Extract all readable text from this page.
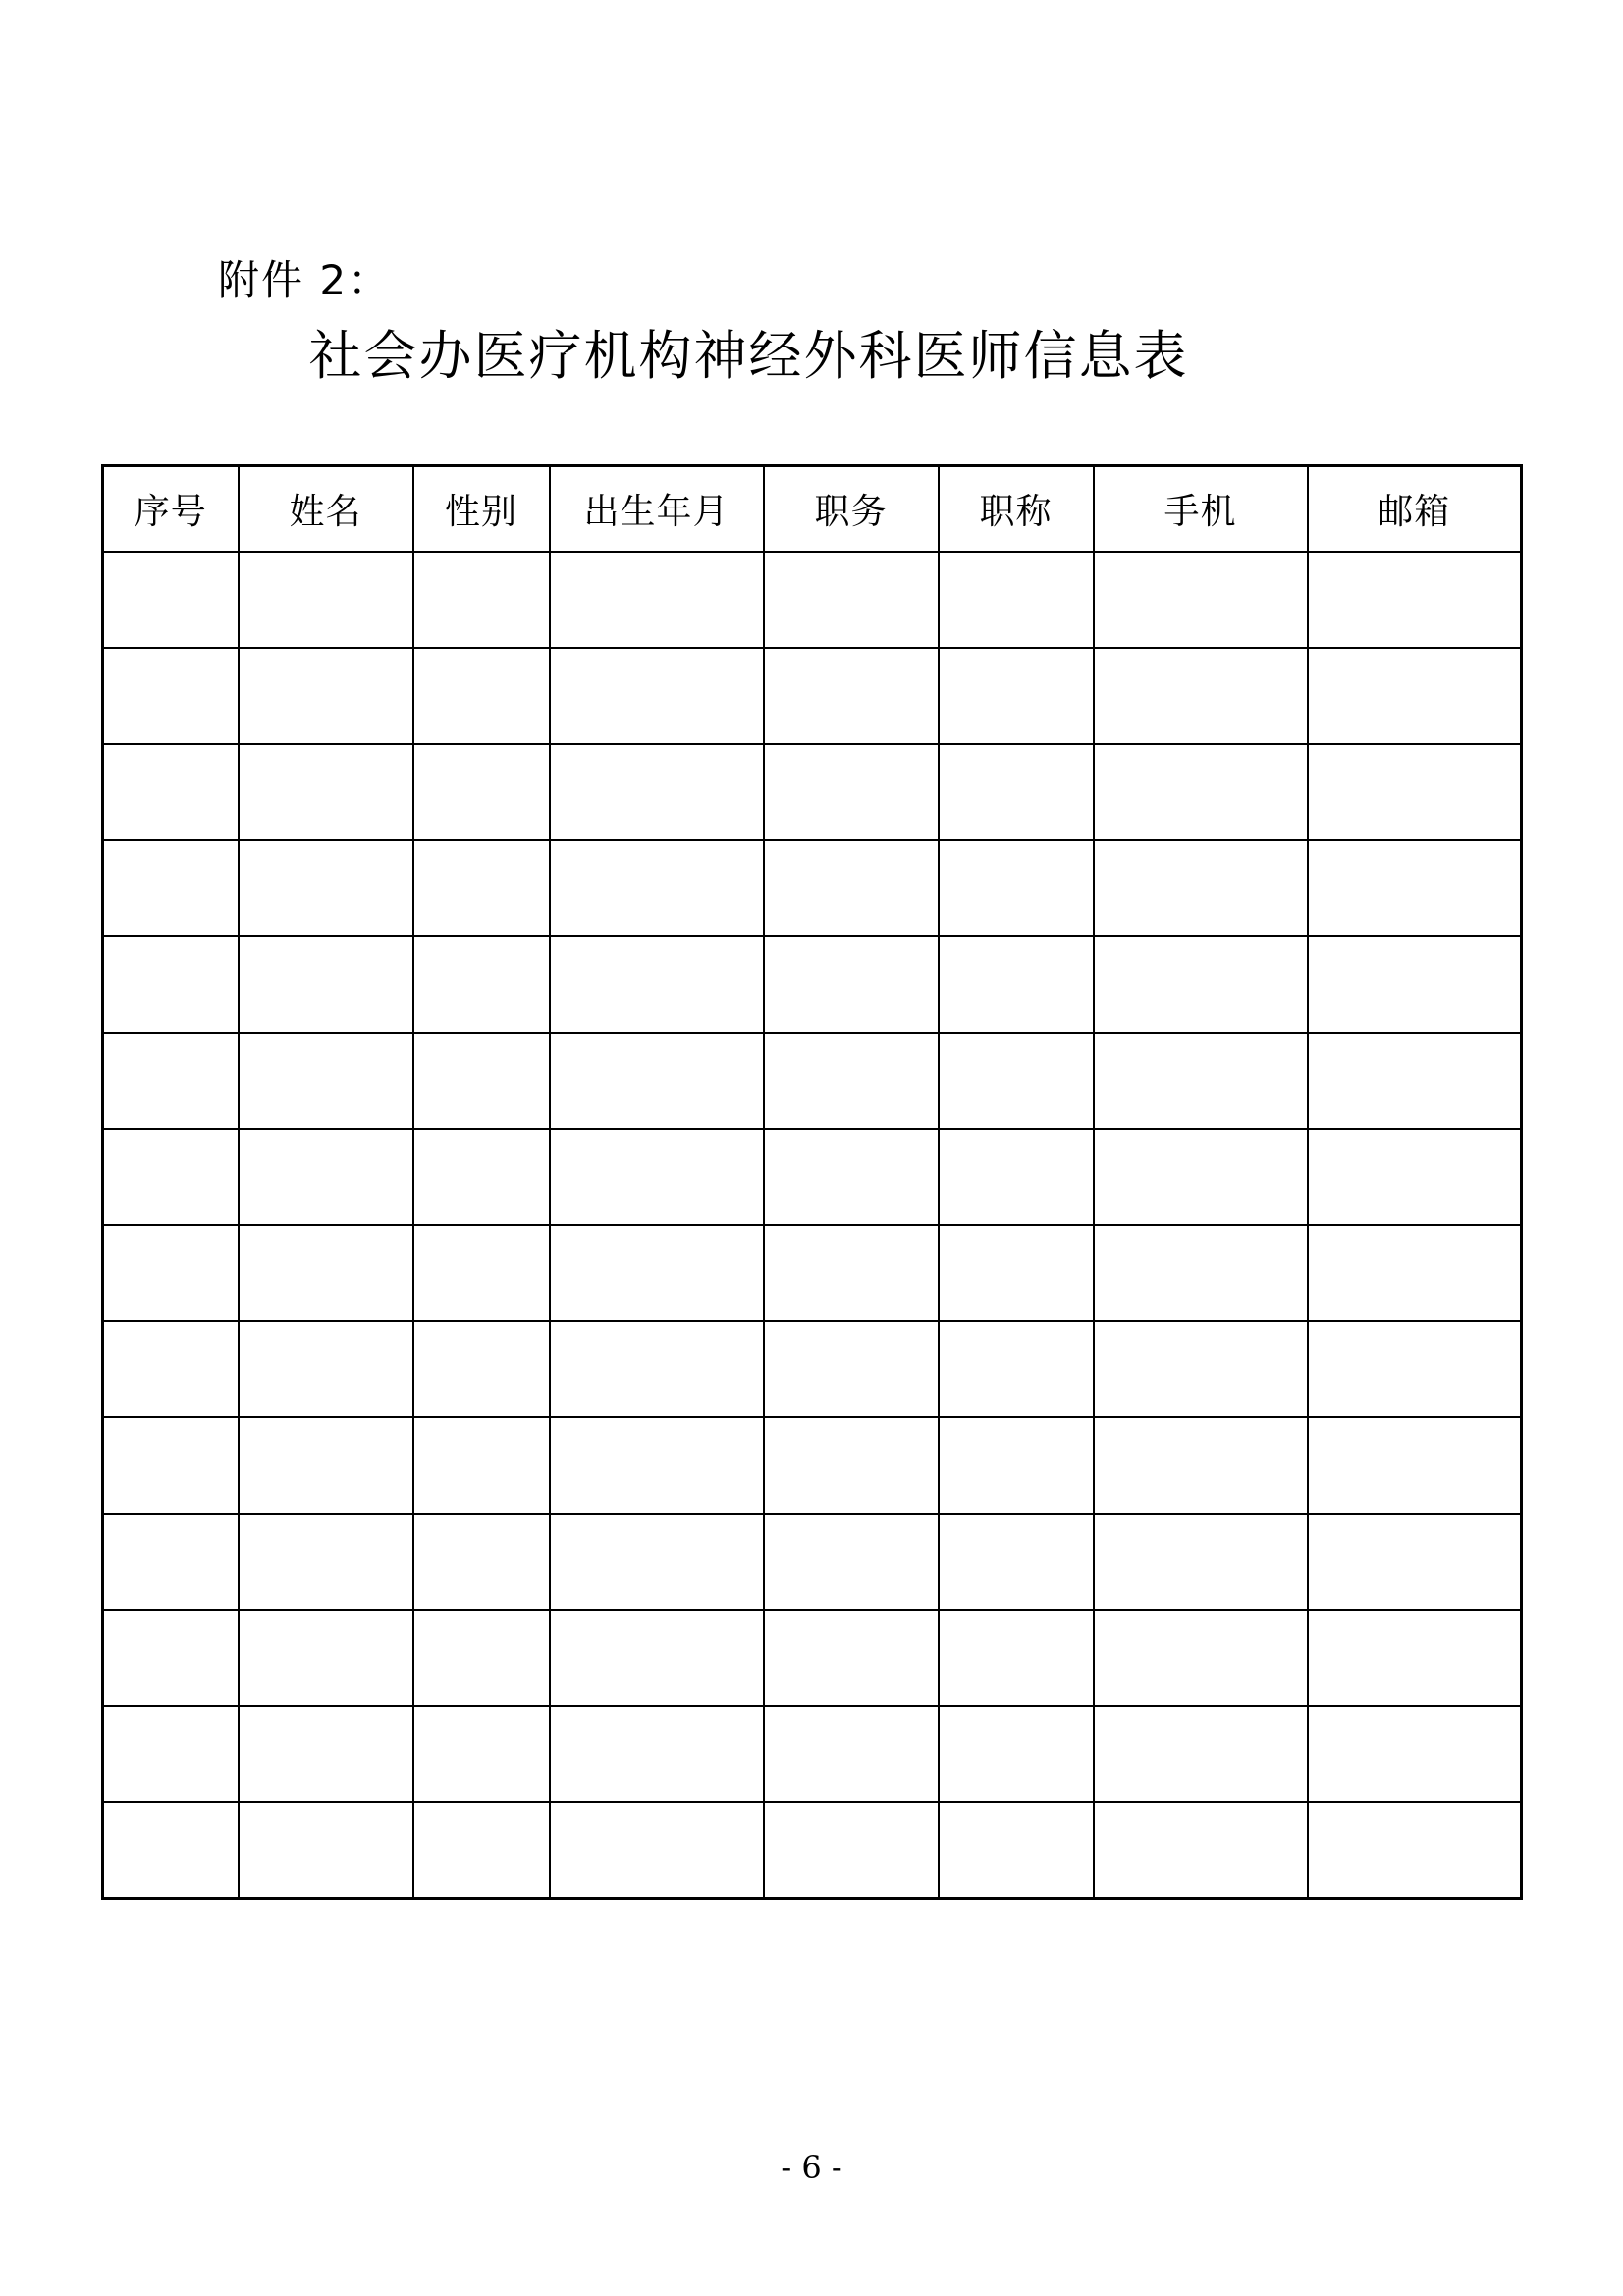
附件 2：
社会办医疗机构神经外科医师信息表
序号	姓名	性别	出生年月	职务	职称	手机	邮箱

- 6 -
